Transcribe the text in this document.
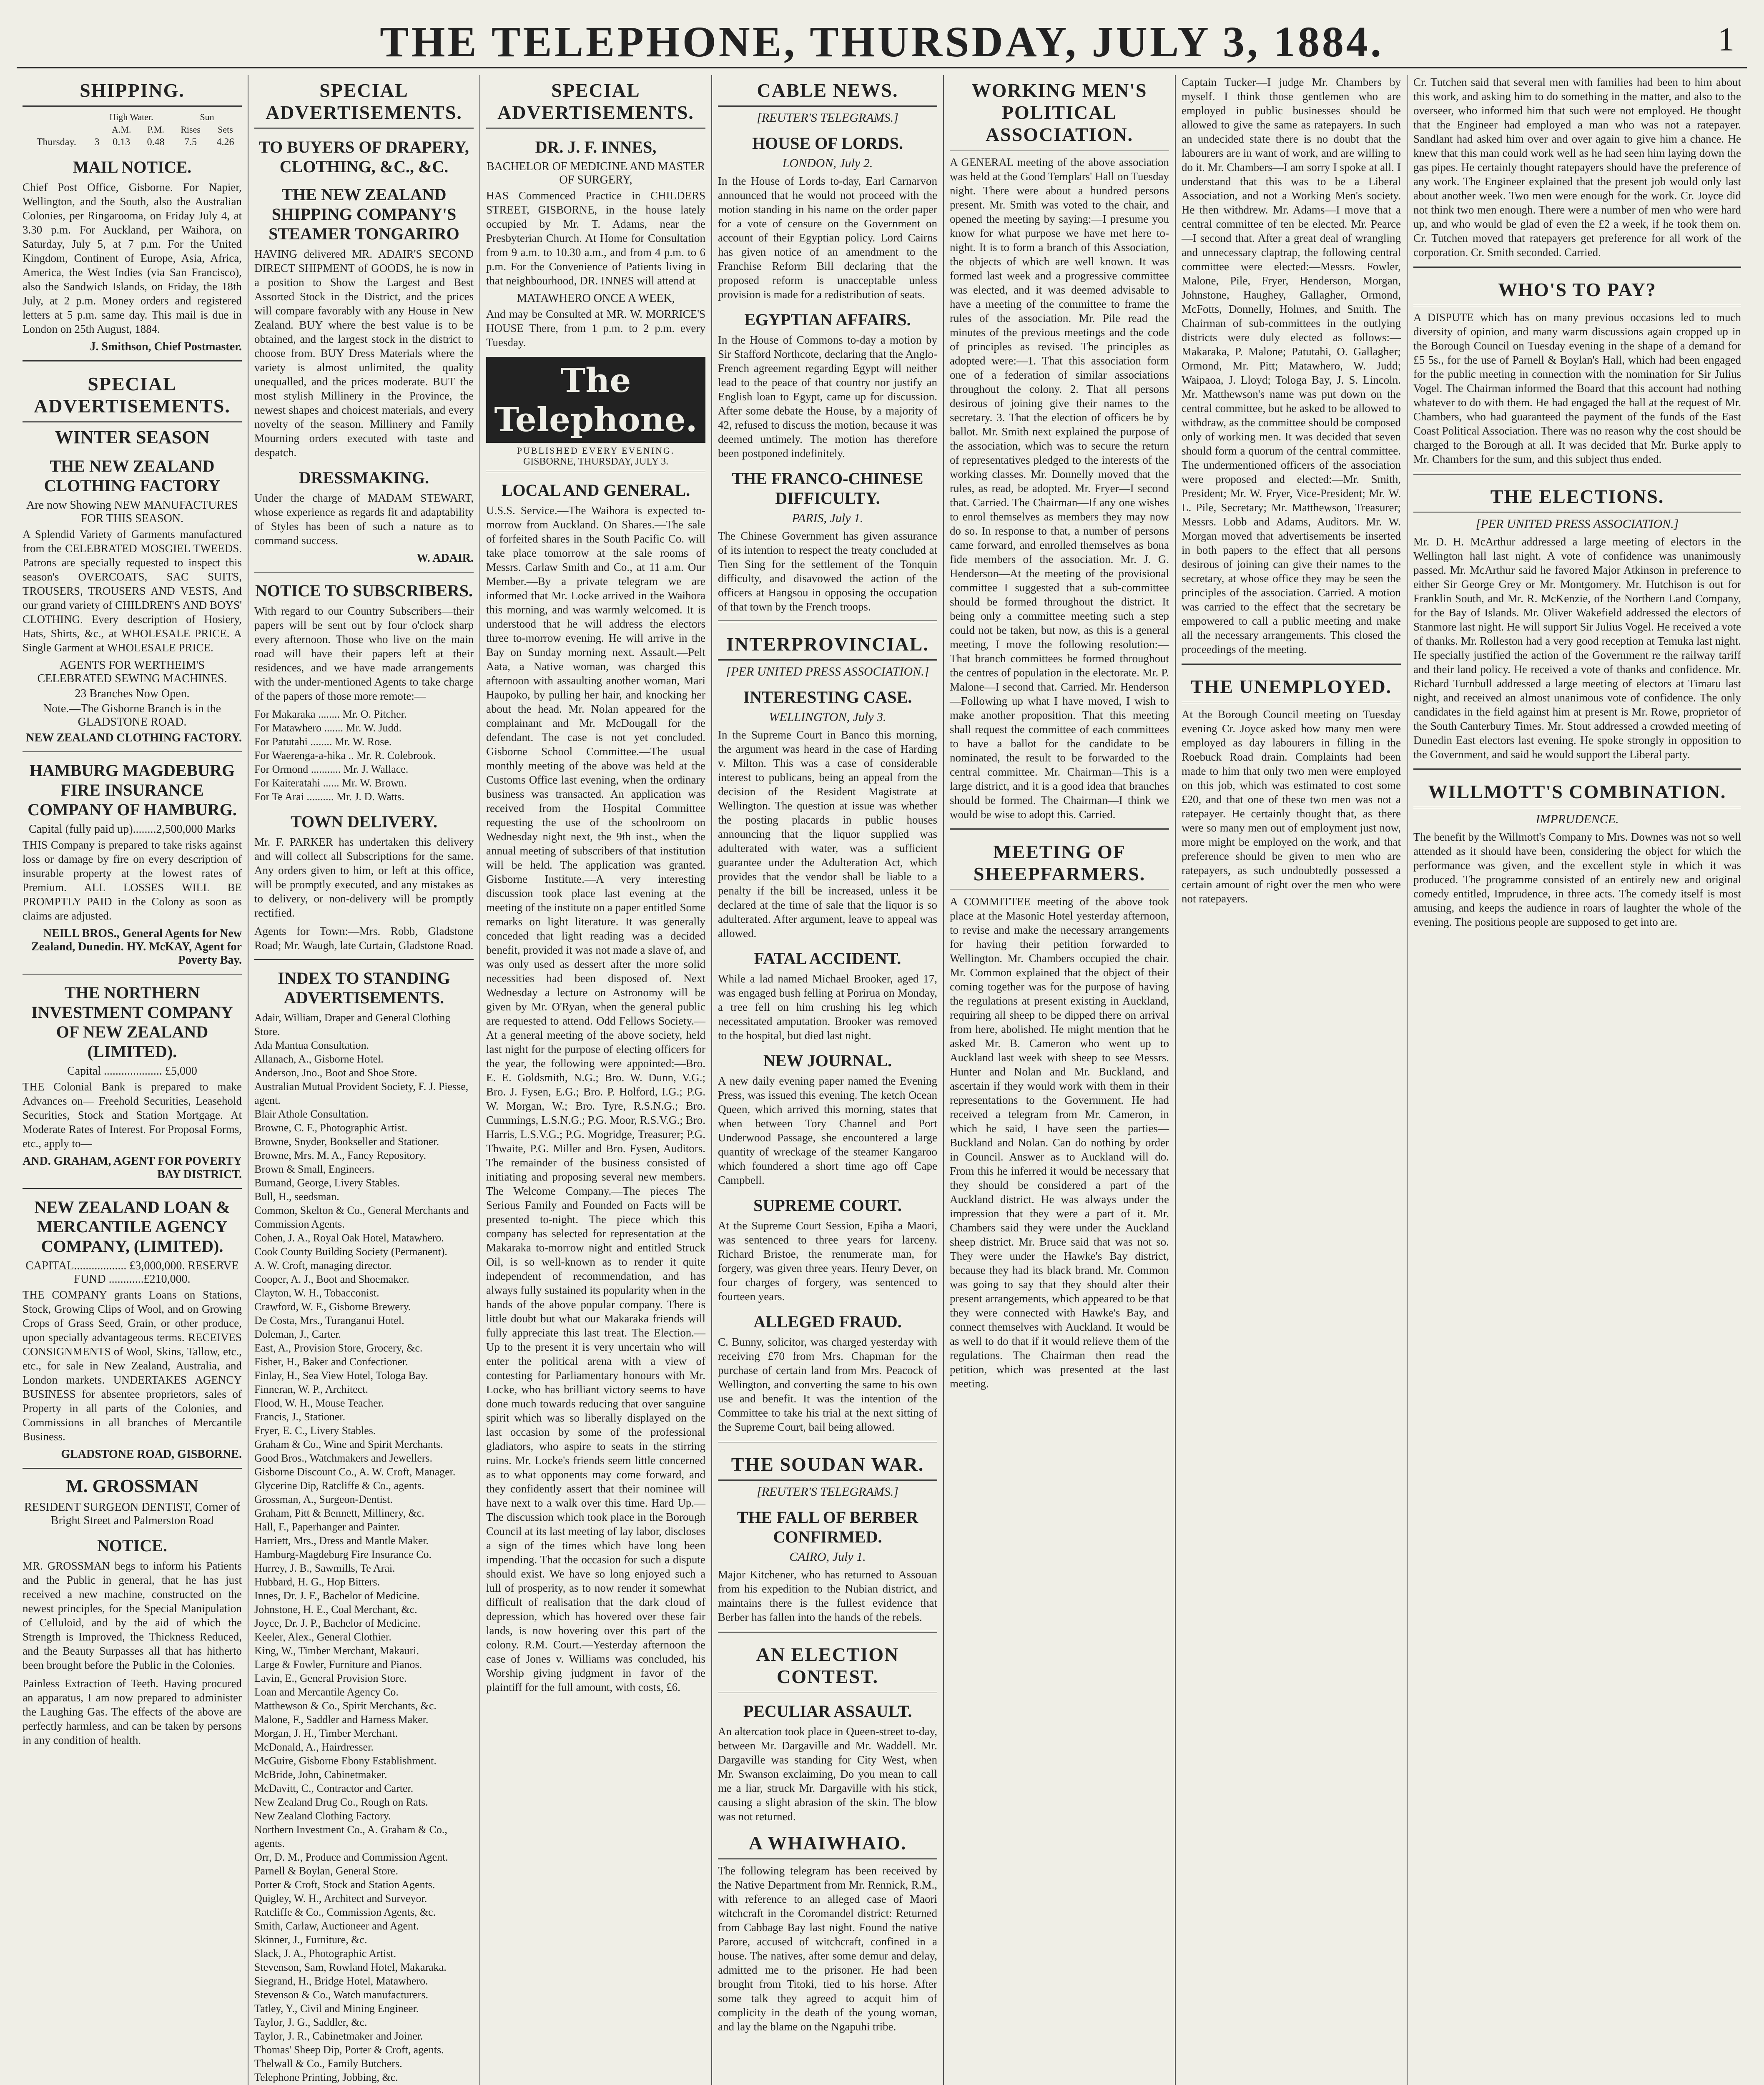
THE TELEPHONE, THURSDAY, JULY 3, 1884.	1
SHIPPING.
	High Water.			Sun	
		A.M.	P.M.	Rises	Sets
Thursday.	3	0.13	0.48	7.5	4.26
MAIL NOTICE.

Chief Post Office, Gisborne. For Napier, Wellington, and the South, also the Australian Colonies, per Ringarooma, on Friday July 4, at 3.30 p.m. For Auckland, per Waihora, on Saturday, July 5, at 7 p.m. For the United Kingdom, Continent of Europe, Asia, Africa, America, the West Indies (via San Francisco), also the Sandwich Islands, on Friday, the 18th July, at 2 p.m. Money orders and registered letters at 5 p.m. same day. This mail is due in London on 25th August, 1884.

J. Smithson, Chief Postmaster.
SPECIAL ADVERTISEMENTS.
WINTER SEASON
THE NEW ZEALAND CLOTHING FACTORY
Are now Showing NEW MANUFACTURES FOR THIS SEASON.

A Splendid Variety of Garments manufactured from the CELEBRATED MOSGIEL TWEEDS. Patrons are specially requested to inspect this season's OVERCOATS, SAC SUITS, TROUSERS, TROUSERS AND VESTS, And our grand variety of CHILDREN'S AND BOYS' CLOTHING. Every description of Hosiery, Hats, Shirts, &c., at WHOLESALE PRICE. A Single Garment at WHOLESALE PRICE.

AGENTS FOR WERTHEIM'S CELEBRATED SEWING MACHINES.
23 Branches Now Open.
Note.—The Gisborne Branch is in the GLADSTONE ROAD.
NEW ZEALAND CLOTHING FACTORY.
HAMBURG MAGDEBURG FIRE INSURANCE COMPANY OF HAMBURG.
Capital (fully paid up)........2,500,000 Marks

THIS Company is prepared to take risks against loss or damage by fire on every description of insurable property at the lowest rates of Premium. ALL LOSSES WILL BE PROMPTLY PAID in the Colony as soon as claims are adjusted.

NEILL BROS., General Agents for New Zealand, Dunedin. HY. McKAY, Agent for Poverty Bay.
THE NORTHERN INVESTMENT COMPANY OF NEW ZEALAND (LIMITED).
Capital .................... £5,000

THE Colonial Bank is prepared to make Advances on— Freehold Securities, Leasehold Securities, Stock and Station Mortgage. At Moderate Rates of Interest. For Proposal Forms, etc., apply to—

AND. GRAHAM, AGENT FOR POVERTY BAY DISTRICT.
NEW ZEALAND LOAN & MERCANTILE AGENCY COMPANY, (LIMITED).
CAPITAL.................. £3,000,000. RESERVE FUND ............£210,000.

THE COMPANY grants Loans on Stations, Stock, Growing Clips of Wool, and on Growing Crops of Grass Seed, Grain, or other produce, upon specially advantageous terms. RECEIVES CONSIGNMENTS of Wool, Skins, Tallow, etc., etc., for sale in New Zealand, Australia, and London markets. UNDERTAKES AGENCY BUSINESS for absentee proprietors, sales of Property in all parts of the Colonies, and Commissions in all branches of Mercantile Business.

GLADSTONE ROAD, GISBORNE.
M. GROSSMAN
RESIDENT SURGEON DENTIST, Corner of Bright Street and Palmerston Road
NOTICE.

MR. GROSSMAN begs to inform his Patients and the Public in general, that he has just received a new machine, constructed on the newest principles, for the Special Manipulation of Celluloid, and by the aid of which the Strength is Improved, the Thickness Reduced, and the Beauty Surpasses all that has hitherto been brought before the Public in the Colonies.

Painless Extraction of Teeth. Having procured an apparatus, I am now prepared to administer the Laughing Gas. The effects of the above are perfectly harmless, and can be taken by persons in any condition of health.

SPECIAL ADVERTISEMENTS.
TO BUYERS OF DRAPERY, CLOTHING, &C., &C.
THE NEW ZEALAND SHIPPING COMPANY'S STEAMER TONGARIRO

HAVING delivered MR. ADAIR'S SECOND DIRECT SHIPMENT of GOODS, he is now in a position to Show the Largest and Best Assorted Stock in the District, and the prices will compare favorably with any House in New Zealand. BUY where the best value is to be obtained, and the largest stock in the district to choose from. BUY Dress Materials where the variety is almost unlimited, the quality unequalled, and the prices moderate. BUT the most stylish Millinery in the Province, the newest shapes and choicest materials, and every novelty of the season. Millinery and Family Mourning orders executed with taste and despatch.

DRESSMAKING.

Under the charge of MADAM STEWART, whose experience as regards fit and adaptability of Styles has been of such a nature as to command success.

W. ADAIR.
NOTICE TO SUBSCRIBERS.

With regard to our Country Subscribers—their papers will be sent out by four o'clock sharp every afternoon. Those who live on the main road will have their papers left at their residences, and we have made arrangements with the under-mentioned Agents to take charge of the papers of those more remote:—

For Makaraka ........ Mr. O. Pitcher.
For Matawhero ....... Mr. W. Judd.
For Patutahi ........ Mr. W. Rose.
For Waerenga-a-hika .. Mr. R. Colebrook.
For Ormond ........... Mr. J. Wallace.
For Kaiteratahi ...... Mr. W. Brown.
For Te Arai .......... Mr. J. D. Watts.
TOWN DELIVERY.

Mr. F. PARKER has undertaken this delivery and will collect all Subscriptions for the same. Any orders given to him, or left at this office, will be promptly executed, and any mistakes as to delivery, or non-delivery will be promptly rectified.

Agents for Town:—Mrs. Robb, Gladstone Road; Mr. Waugh, late Curtain, Gladstone Road.

INDEX TO STANDING ADVERTISEMENTS.
Adair, William, Draper and General Clothing Store.
Ada Mantua Consultation.
Allanach, A., Gisborne Hotel.
Anderson, Jno., Boot and Shoe Store.
Australian Mutual Provident Society, F. J. Piesse, agent.
Blair Athole Consultation.
Browne, C. F., Photographic Artist.
Browne, Snyder, Bookseller and Stationer.
Browne, Mrs. M. A., Fancy Repository.
Brown & Small, Engineers.
Burnand, George, Livery Stables.
Bull, H., seedsman.
Common, Skelton & Co., General Merchants and Commission Agents.
Cohen, J. A., Royal Oak Hotel, Matawhero.
Cook County Building Society (Permanent).
A. W. Croft, managing director.
Cooper, A. J., Boot and Shoemaker.
Clayton, W. H., Tobacconist.
Crawford, W. F., Gisborne Brewery.
De Costa, Mrs., Turanganui Hotel.
Doleman, J., Carter.
East, A., Provision Store, Grocery, &c.
Fisher, H., Baker and Confectioner.
Finlay, H., Sea View Hotel, Tologa Bay.
Finneran, W. P., Architect.
Flood, W. H., Mouse Teacher.
Francis, J., Stationer.
Fryer, E. C., Livery Stables.
Graham & Co., Wine and Spirit Merchants.
Good Bros., Watchmakers and Jewellers.
Gisborne Discount Co., A. W. Croft, Manager.
Glycerine Dip, Ratcliffe & Co., agents.
Grossman, A., Surgeon-Dentist.
Graham, Pitt & Bennett, Millinery, &c.
Hall, F., Paperhanger and Painter.
Harriett, Mrs., Dress and Mantle Maker.
Hamburg-Magdeburg Fire Insurance Co.
Hurrey, J. B., Sawmills, Te Arai.
Hubbard, H. G., Hop Bitters.
Innes, Dr. J. F., Bachelor of Medicine.
Johnstone, H. E., Coal Merchant, &c.
Joyce, Dr. J. P., Bachelor of Medicine.
Keeler, Alex., General Clothier.
King, W., Timber Merchant, Makauri.
Large & Fowler, Furniture and Pianos.
Lavin, E., General Provision Store.
Loan and Mercantile Agency Co.
Matthewson & Co., Spirit Merchants, &c.
Malone, F., Saddler and Harness Maker.
Morgan, J. H., Timber Merchant.
McDonald, A., Hairdresser.
McGuire, Gisborne Ebony Establishment.
McBride, John, Cabinetmaker.
McDavitt, C., Contractor and Carter.
New Zealand Drug Co., Rough on Rats.
New Zealand Clothing Factory.
Northern Investment Co., A. Graham & Co., agents.
Orr, D. M., Produce and Commission Agent.
Parnell & Boylan, General Store.
Porter & Croft, Stock and Station Agents.
Quigley, W. H., Architect and Surveyor.
Ratcliffe & Co., Commission Agents, &c.
Smith, Carlaw, Auctioneer and Agent.
Skinner, J., Furniture, &c.
Slack, J. A., Photographic Artist.
Stevenson, Sam, Rowland Hotel, Makaraka.
Siegrand, H., Bridge Hotel, Matawhero.
Stevenson & Co., Watch manufacturers.
Tatley, Y., Civil and Mining Engineer.
Taylor, J. G., Saddler, &c.
Taylor, J. R., Cabinetmaker and Joiner.
Thomas' Sheep Dip, Porter & Croft, agents.
Thelwall & Co., Family Butchers.
Telephone Printing, Jobbing, &c.
SPECIAL ADVERTISEMENTS.
DR. J. F. INNES,
BACHELOR OF MEDICINE AND MASTER OF SURGERY,

HAS Commenced Practice in CHILDERS STREET, GISBORNE, in the house lately occupied by Mr. T. Adams, near the Presbyterian Church. At Home for Consultation from 9 a.m. to 10.30 a.m., and from 4 p.m. to 6 p.m. For the Convenience of Patients living in that neighbourhood, DR. INNES will attend at

MATAWHERO ONCE A WEEK,

And may be Consulted at MR. W. MORRICE'S HOUSE There, from 1 p.m. to 2 p.m. every Tuesday.

The Telephone.
PUBLISHED EVERY EVENING.
GISBORNE, THURSDAY, JULY 3.
LOCAL AND GENERAL.

U.S.S. Service.—The Waihora is expected to-morrow from Auckland. On Shares.—The sale of forfeited shares in the South Pacific Co. will take place tomorrow at the sale rooms of Messrs. Carlaw Smith and Co., at 11 a.m. Our Member.—By a private telegram we are informed that Mr. Locke arrived in the Waihora this morning, and was warmly welcomed. It is understood that he will address the electors three to-morrow evening. He will arrive in the Bay on Sunday morning next. Assault.—Pelt Aata, a Native woman, was charged this afternoon with assaulting another woman, Mari Haupoko, by pulling her hair, and knocking her about the head. Mr. Nolan appeared for the complainant and Mr. McDougall for the defendant. The case is not yet concluded. Gisborne School Committee.—The usual monthly meeting of the above was held at the Customs Office last evening, when the ordinary business was transacted. An application was received from the Hospital Committee requesting the use of the schoolroom on Wednesday night next, the 9th inst., when the annual meeting of subscribers of that institution will be held. The application was granted. Gisborne Institute.—A very interesting discussion took place last evening at the meeting of the institute on a paper entitled Some remarks on light literature. It was generally conceded that light reading was a decided benefit, provided it was not made a slave of, and was only used as dessert after the more solid necessities had been disposed of. Next Wednesday a lecture on Astronomy will be given by Mr. O'Ryan, when the general public are requested to attend. Odd Fellows Society.—At a general meeting of the above society, held last night for the purpose of electing officers for the year, the following were appointed:—Bro. E. E. Goldsmith, N.G.; Bro. W. Dunn, V.G.; Bro. J. Fysen, E.G.; Bro. P. Holford, I.G.; P.G. W. Morgan, W.; Bro. Tyre, R.S.N.G.; Bro. Cummings, L.S.N.G.; P.G. Moor, R.S.V.G.; Bro. Harris, L.S.V.G.; P.G. Mogridge, Treasurer; P.G. Thwaite, P.G. Miller and Bro. Fysen, Auditors. The remainder of the business consisted of initiating and proposing several new members. The Welcome Company.—The pieces The Serious Family and Founded on Facts will be presented to-night. The piece which this company has selected for representation at the Makaraka to-morrow night and entitled Struck Oil, is so well-known as to render it quite independent of recommendation, and has always fully sustained its popularity when in the hands of the above popular company. There is little doubt but what our Makaraka friends will fully appreciate this last treat. The Election.—Up to the present it is very uncertain who will enter the political arena with a view of contesting for Parliamentary honours with Mr. Locke, who has brilliant victory seems to have done much towards reducing that over sanguine spirit which was so liberally displayed on the last occasion by some of the professional gladiators, who aspire to seats in the stirring ruins. Mr. Locke's friends seem little concerned as to what opponents may come forward, and they confidently assert that their nominee will have next to a walk over this time. Hard Up.—The discussion which took place in the Borough Council at its last meeting of lay labor, discloses a sign of the times which have long been impending. That the occasion for such a dispute should exist. We have so long enjoyed such a lull of prosperity, as to now render it somewhat difficult of realisation that the dark cloud of depression, which has hovered over these fair lands, is now hovering over this part of the colony. R.M. Court.—Yesterday afternoon the case of Jones v. Williams was concluded, his Worship giving judgment in favor of the plaintiff for the full amount, with costs, £6.

CABLE NEWS.
[REUTER'S TELEGRAMS.]
HOUSE OF LORDS.
LONDON, July 2.

In the House of Lords to-day, Earl Carnarvon announced that he would not proceed with the motion standing in his name on the order paper for a vote of censure on the Government on account of their Egyptian policy. Lord Cairns has given notice of an amendment to the Franchise Reform Bill declaring that the proposed reform is unacceptable unless provision is made for a redistribution of seats.

EGYPTIAN AFFAIRS.

In the House of Commons to-day a motion by Sir Stafford Northcote, declaring that the Anglo-French agreement regarding Egypt will neither lead to the peace of that country nor justify an English loan to Egypt, came up for discussion. After some debate the House, by a majority of 42, refused to discuss the motion, because it was deemed untimely. The motion has therefore been postponed indefinitely.

THE FRANCO-CHINESE DIFFICULTY.
PARIS, July 1.

The Chinese Government has given assurance of its intention to respect the treaty concluded at Tien Sing for the settlement of the Tonquin difficulty, and disavowed the action of the officers at Hangsou in opposing the occupation of that town by the French troops.

INTERPROVINCIAL.
[PER UNITED PRESS ASSOCIATION.]
INTERESTING CASE.
WELLINGTON, July 3.

In the Supreme Court in Banco this morning, the argument was heard in the case of Harding v. Milton. This was a case of considerable interest to publicans, being an appeal from the decision of the Resident Magistrate at Wellington. The question at issue was whether the posting placards in public houses announcing that the liquor supplied was adulterated with water, was a sufficient guarantee under the Adulteration Act, which provides that the vendor shall be liable to a penalty if the bill be increased, unless it be declared at the time of sale that the liquor is so adulterated. After argument, leave to appeal was allowed.

FATAL ACCIDENT.

While a lad named Michael Brooker, aged 17, was engaged bush felling at Porirua on Monday, a tree fell on him crushing his leg which necessitated amputation. Brooker was removed to the hospital, but died last night.

NEW JOURNAL.

A new daily evening paper named the Evening Press, was issued this evening. The ketch Ocean Queen, which arrived this morning, states that when between Tory Channel and Port Underwood Passage, she encountered a large quantity of wreckage of the steamer Kangaroo which foundered a short time ago off Cape Campbell.

SUPREME COURT.

At the Supreme Court Session, Epiha a Maori, was sentenced to three years for larceny. Richard Bristoe, the renumerate man, for forgery, was given three years. Henry Dever, on four charges of forgery, was sentenced to fourteen years.

ALLEGED FRAUD.

C. Bunny, solicitor, was charged yesterday with receiving £70 from Mrs. Chapman for the purchase of certain land from Mrs. Peacock of Wellington, and converting the same to his own use and benefit. It was the intention of the Committee to take his trial at the next sitting of the Supreme Court, bail being allowed.

THE SOUDAN WAR.
[REUTER'S TELEGRAMS.]
THE FALL OF BERBER CONFIRMED.
CAIRO, July 1.

Major Kitchener, who has returned to Assouan from his expedition to the Nubian district, and maintains there is the fullest evidence that Berber has fallen into the hands of the rebels.

AN ELECTION CONTEST.
PECULIAR ASSAULT.

An altercation took place in Queen-street to-day, between Mr. Dargaville and Mr. Waddell. Mr. Dargaville was standing for City West, when Mr. Swanson exclaiming, Do you mean to call me a liar, struck Mr. Dargaville with his stick, causing a slight abrasion of the skin. The blow was not returned.

A WHAIWHAIO.

The following telegram has been received by the Native Department from Mr. Rennick, R.M., with reference to an alleged case of Maori witchcraft in the Coromandel district: Returned from Cabbage Bay last night. Found the native Parore, accused of witchcraft, confined in a house. The natives, after some demur and delay, admitted me to the prisoner. He had been brought from Titoki, tied to his horse. After some talk they agreed to acquit him of complicity in the death of the young woman, and lay the blame on the Ngapuhi tribe.

WORKING MEN'S POLITICAL ASSOCIATION.

A GENERAL meeting of the above association was held at the Good Templars' Hall on Tuesday night. There were about a hundred persons present. Mr. Smith was voted to the chair, and opened the meeting by saying:—I presume you know for what purpose we have met here to-night. It is to form a branch of this Association, the objects of which are well known. It was formed last week and a progressive committee was elected, and it was deemed advisable to have a meeting of the committee to frame the rules of the association. Mr. Pile read the minutes of the previous meetings and the code of principles as revised. The principles as adopted were:—1. That this association form one of a federation of similar associations throughout the colony. 2. That all persons desirous of joining give their names to the secretary. 3. That the election of officers be by ballot. Mr. Smith next explained the purpose of the association, which was to secure the return of representatives pledged to the interests of the working classes. Mr. Donnelly moved that the rules, as read, be adopted. Mr. Fryer—I second that. Carried. The Chairman—If any one wishes to enrol themselves as members they may now do so. In response to that, a number of persons came forward, and enrolled themselves as bona fide members of the association. Mr. J. G. Henderson—At the meeting of the provisional committee I suggested that a sub-committee should be formed throughout the district. It being only a committee meeting such a step could not be taken, but now, as this is a general meeting, I move the following resolution:—That branch committees be formed throughout the centres of population in the electorate. Mr. P. Malone—I second that. Carried. Mr. Henderson—Following up what I have moved, I wish to make another proposition. That this meeting shall request the committee of each committees to have a ballot for the candidate to be nominated, the result to be forwarded to the central committee. Mr. Chairman—This is a large district, and it is a good idea that branches should be formed. The Chairman—I think we would be wise to adopt this. Carried.

MEETING OF SHEEPFARMERS.

A COMMITTEE meeting of the above took place at the Masonic Hotel yesterday afternoon, to revise and make the necessary arrangements for having their petition forwarded to Wellington. Mr. Chambers occupied the chair. Mr. Common explained that the object of their coming together was for the purpose of having the regulations at present existing in Auckland, requiring all sheep to be dipped there on arrival from here, abolished. He might mention that he asked Mr. B. Cameron who went up to Auckland last week with sheep to see Messrs. Hunter and Nolan and Mr. Buckland, and ascertain if they would work with them in their representations to the Government. He had received a telegram from Mr. Cameron, in which he said, I have seen the parties—Buckland and Nolan. Can do nothing by order in Council. Answer as to Auckland will do. From this he inferred it would be necessary that they should be considered a part of the Auckland district. He was always under the impression that they were a part of it. Mr. Chambers said they were under the Auckland sheep district. Mr. Bruce said that was not so. They were under the Hawke's Bay district, because they had its black brand. Mr. Common was going to say that they should alter their present arrangements, which appeared to be that they were connected with Hawke's Bay, and connect themselves with Auckland. It would be as well to do that if it would relieve them of the regulations. The Chairman then read the petition, which was presented at the last meeting.

Captain Tucker—I judge Mr. Chambers by myself. I think those gentlemen who are employed in public businesses should be allowed to give the same as ratepayers. In such an undecided state there is no doubt that the labourers are in want of work, and are willing to do it. Mr. Chambers—I am sorry I spoke at all. I understand that this was to be a Liberal Association, and not a Working Men's society. He then withdrew. Mr. Adams—I move that a central committee of ten be elected. Mr. Pearce—I second that. After a great deal of wrangling and unnecessary claptrap, the following central committee were elected:—Messrs. Fowler, Malone, Pile, Fryer, Henderson, Morgan, Johnstone, Haughey, Gallagher, Ormond, McFotts, Donnelly, Holmes, and Smith. The Chairman of sub-committees in the outlying districts were duly elected as follows:—Makaraka, P. Malone; Patutahi, O. Gallagher; Ormond, Mr. Pitt; Matawhero, W. Judd; Waipaoa, J. Lloyd; Tologa Bay, J. S. Lincoln. Mr. Matthewson's name was put down on the central committee, but he asked to be allowed to withdraw, as the committee should be composed only of working men. It was decided that seven should form a quorum of the central committee. The undermentioned officers of the association were proposed and elected:—Mr. Smith, President; Mr. W. Fryer, Vice-President; Mr. W. L. Pile, Secretary; Mr. Matthewson, Treasurer; Messrs. Lobb and Adams, Auditors. Mr. W. Morgan moved that advertisements be inserted in both papers to the effect that all persons desirous of joining can give their names to the secretary, at whose office they may be seen the principles of the association. Carried. A motion was carried to the effect that the secretary be empowered to call a public meeting and make all the necessary arrangements. This closed the proceedings of the meeting.

THE UNEMPLOYED.

At the Borough Council meeting on Tuesday evening Cr. Joyce asked how many men were employed as day labourers in filling in the Roebuck Road drain. Complaints had been made to him that only two men were employed on this job, which was estimated to cost some £20, and that one of these two men was not a ratepayer. He certainly thought that, as there were so many men out of employment just now, more might be employed on the work, and that preference should be given to men who are ratepayers, as such undoubtedly possessed a certain amount of right over the men who were not ratepayers.

Cr. Tutchen said that several men with families had been to him about this work, and asking him to do something in the matter, and also to the overseer, who informed him that such were not employed. He thought that the Engineer had employed a man who was not a ratepayer. Sandlant had asked him over and over again to give him a chance. He knew that this man could work well as he had seen him laying down the gas pipes. He certainly thought ratepayers should have the preference of any work. The Engineer explained that the present job would only last about another week. Two men were enough for the work. Cr. Joyce did not think two men enough. There were a number of men who were hard up, and who would be glad of even the £2 a week, if he took them on. Cr. Tutchen moved that ratepayers get preference for all work of the corporation. Cr. Smith seconded. Carried.

WHO'S TO PAY?

A DISPUTE which has on many previous occasions led to much diversity of opinion, and many warm discussions again cropped up in the Borough Council on Tuesday evening in the shape of a demand for £5 5s., for the use of Parnell & Boylan's Hall, which had been engaged for the public meeting in connection with the nomination for Sir Julius Vogel. The Chairman informed the Board that this account had nothing whatever to do with them. He had engaged the hall at the request of Mr. Chambers, who had guaranteed the payment of the funds of the East Coast Political Association. There was no reason why the cost should be charged to the Borough at all. It was decided that Mr. Burke apply to Mr. Chambers for the sum, and this subject thus ended.

THE ELECTIONS.
[PER UNITED PRESS ASSOCIATION.]

Mr. D. H. McArthur addressed a large meeting of electors in the Wellington hall last night. A vote of confidence was unanimously passed. Mr. McArthur said he favored Major Atkinson in preference to either Sir George Grey or Mr. Montgomery. Mr. Hutchison is out for Franklin South, and Mr. R. McKenzie, of the Northern Land Company, for the Bay of Islands. Mr. Oliver Wakefield addressed the electors of Stanmore last night. He will support Sir Julius Vogel. He received a vote of thanks. Mr. Rolleston had a very good reception at Temuka last night. He specially justified the action of the Government re the railway tariff and their land policy. He received a vote of thanks and confidence. Mr. Richard Turnbull addressed a large meeting of electors at Timaru last night, and received an almost unanimous vote of confidence. The only candidates in the field against him at present is Mr. Rowe, proprietor of the South Canterbury Times. Mr. Stout addressed a crowded meeting of Dunedin East electors last evening. He spoke strongly in opposition to the Government, and said he would support the Liberal party.

WILLMOTT'S COMBINATION.
IMPRUDENCE.

The benefit by the Willmott's Company to Mrs. Downes was not so well attended as it should have been, considering the object for which the performance was given, and the excellent style in which it was produced. The programme consisted of an entirely new and original comedy entitled, Imprudence, in three acts. The comedy itself is most amusing, and keeps the audience in roars of laughter the whole of the evening. The positions people are supposed to get into are.
